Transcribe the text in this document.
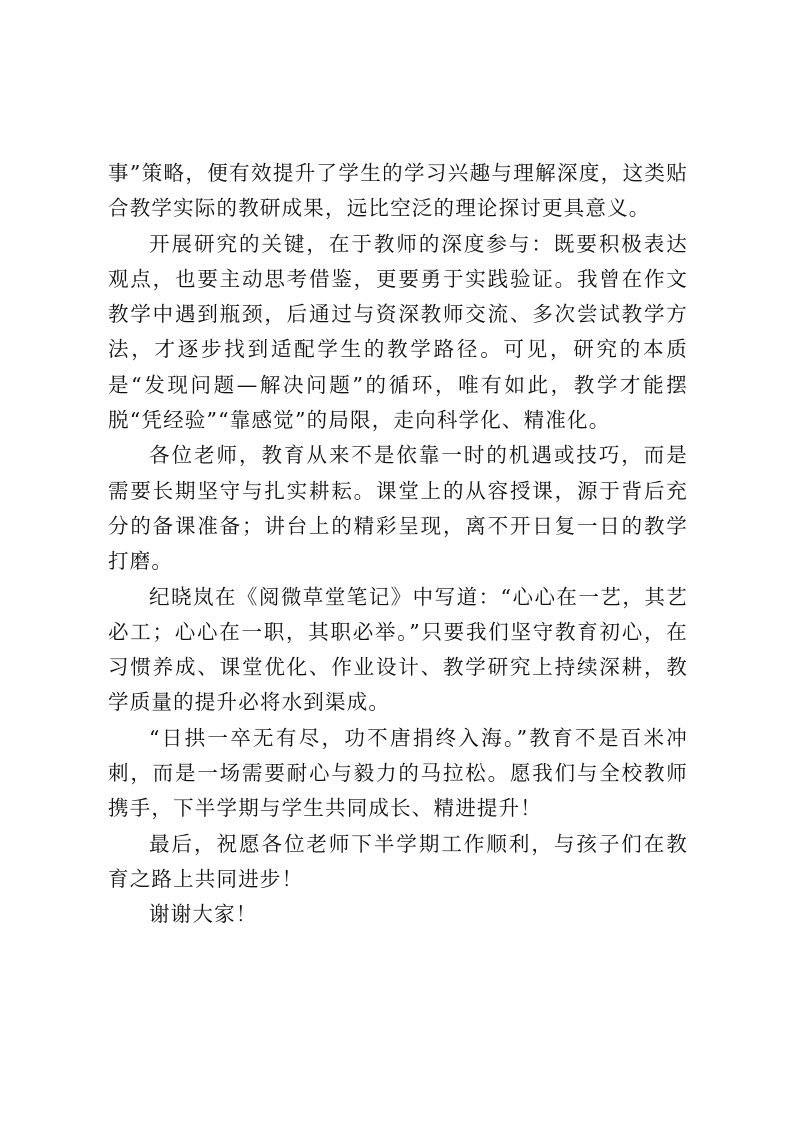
事”策略，便有效提升了学生的学习兴趣与理解深度，这类贴合教学实际的教研成果，远比空泛的理论探讨更具意义。

开展研究的关键，在于教师的深度参与：既要积极表达观点，也要主动思考借鉴，更要勇于实践验证。我曾在作文教学中遇到瓶颈，后通过与资深教师交流、多次尝试教学方法，才逐步找到适配学生的教学路径。可见，研究的本质是“发现问题—解决问题”的循环，唯有如此，教学才能摆脱“凭经验”“靠感觉”的局限，走向科学化、精准化。

各位老师，教育从来不是依靠一时的机遇或技巧，而是需要长期坚守与扎实耕耘。课堂上的从容授课，源于背后充分的备课准备；讲台上的精彩呈现，离不开日复一日的教学打磨。

纪晓岚在《阅微草堂笔记》中写道：“心心在一艺，其艺必工；心心在一职，其职必举。”只要我们坚守教育初心，在习惯养成、课堂优化、作业设计、教学研究上持续深耕，教学质量的提升必将水到渠成。

“日拱一卒无有尽，功不唐捐终入海。”教育不是百米冲刺，而是一场需要耐心与毅力的马拉松。愿我们与全校教师携手，下半学期与学生共同成长、精进提升！

最后，祝愿各位老师下半学期工作顺利，与孩子们在教育之路上共同进步！

谢谢大家！
